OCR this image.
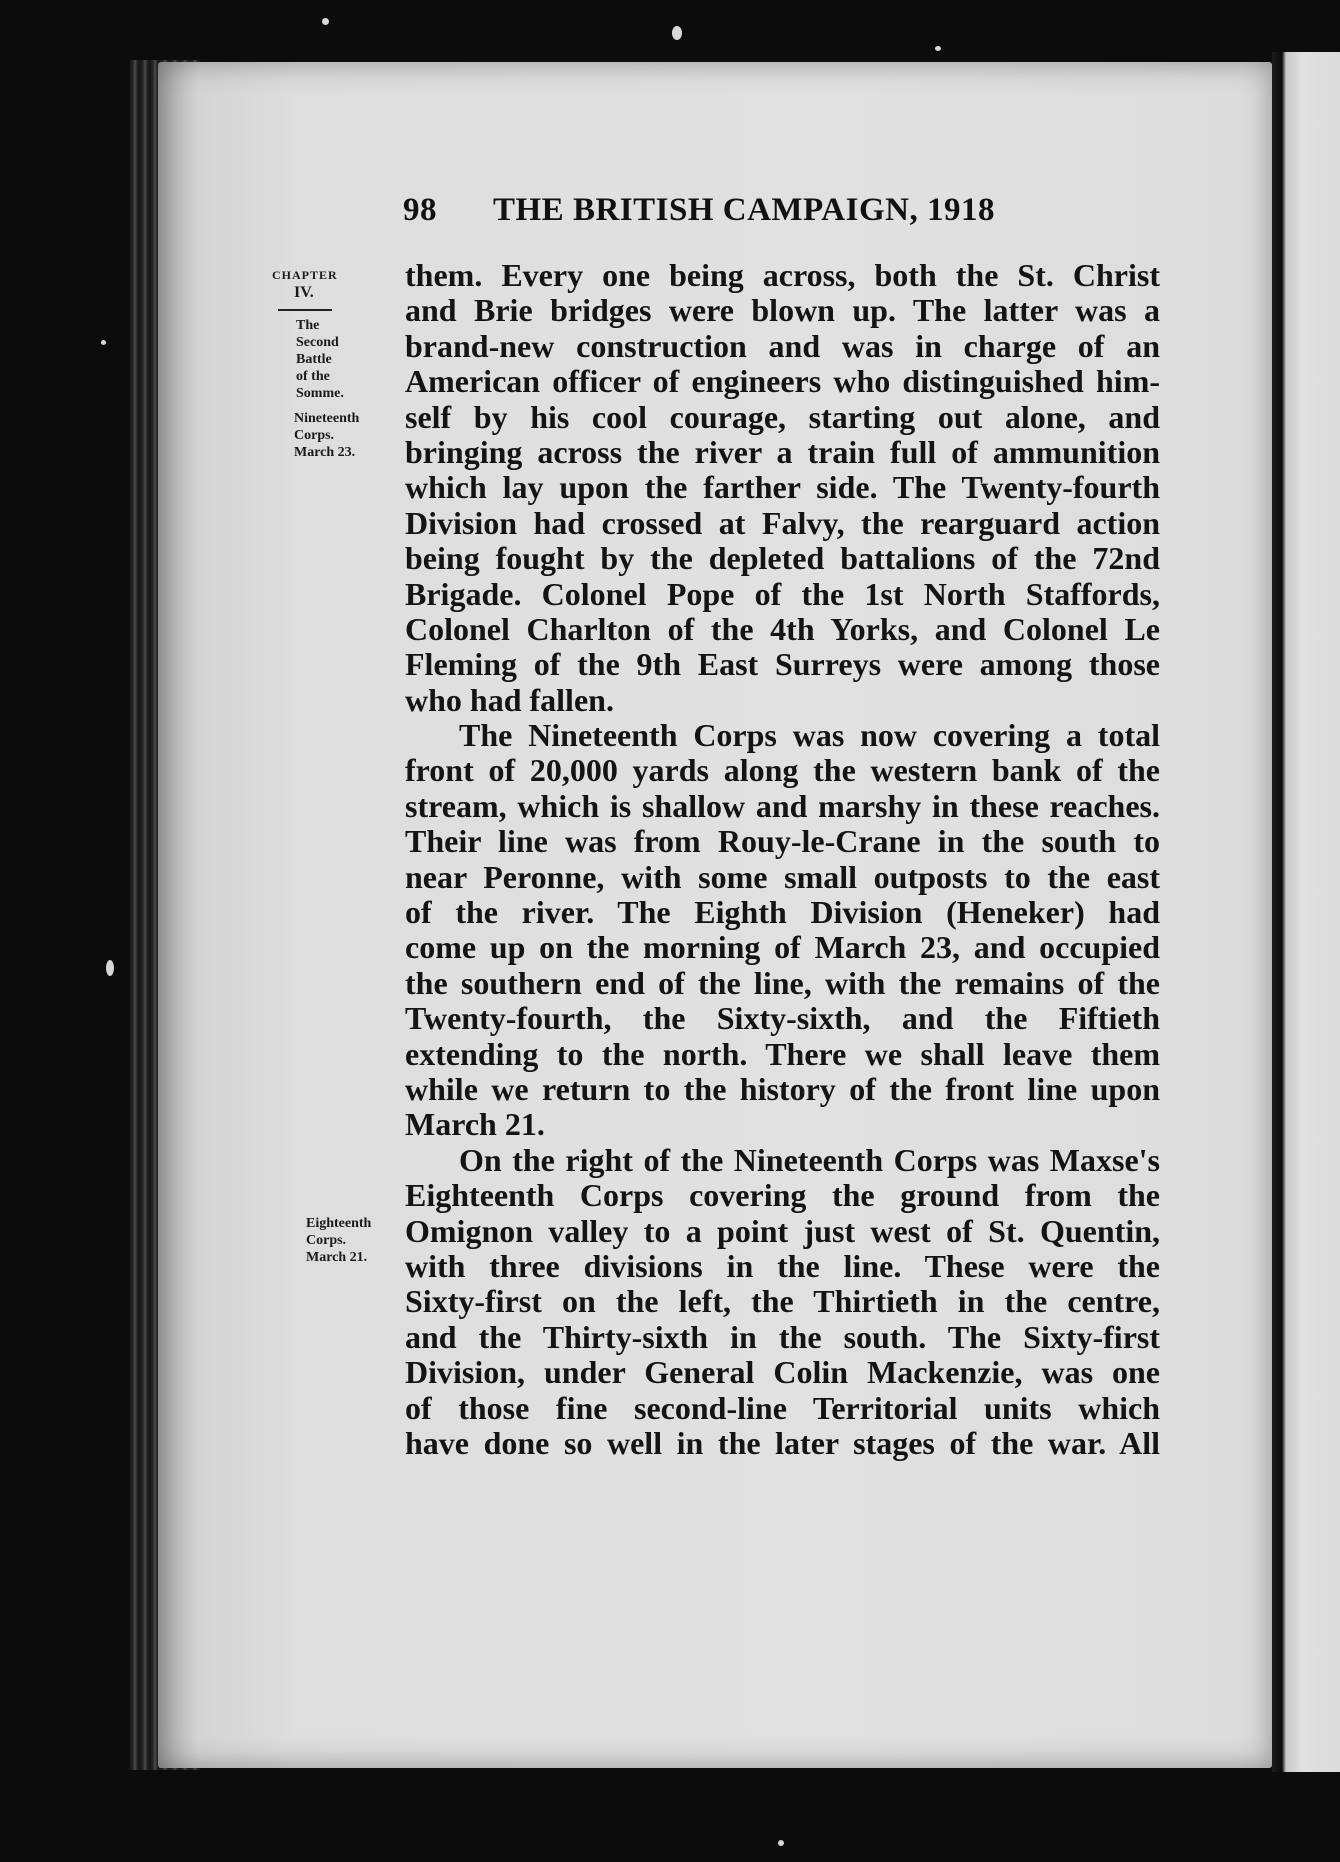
98 THE BRITISH CAMPAIGN, 1918
CHAPTER
IV.
The
Second
Battle
of the
Somme.
Nineteenth
Corps.
March 23.
Eighteenth
Corps.
March 21.
them. Every one being across, both the St. Christ
and Brie bridges were blown up. The latter was a
brand-new construction and was in charge of an
American officer of engineers who distinguished him-
self by his cool courage, starting out alone, and
bringing across the river a train full of ammunition
which lay upon the farther side. The Twenty-fourth
Division had crossed at Falvy, the rearguard action
being fought by the depleted battalions of the 72nd
Brigade. Colonel Pope of the 1st North Staffords,
Colonel Charlton of the 4th Yorks, and Colonel Le
Fleming of the 9th East Surreys were among those
who had fallen.
The Nineteenth Corps was now covering a total
front of 20,000 yards along the western bank of the
stream, which is shallow and marshy in these reaches.
Their line was from Rouy-le-Crane in the south to
near Peronne, with some small outposts to the east
of the river. The Eighth Division (Heneker) had
come up on the morning of March 23, and occupied
the southern end of the line, with the remains of the
Twenty-fourth, the Sixty-sixth, and the Fiftieth
extending to the north. There we shall leave them
while we return to the history of the front line upon
March 21.
On the right of the Nineteenth Corps was Maxse's
Eighteenth Corps covering the ground from the
Omignon valley to a point just west of St. Quentin,
with three divisions in the line. These were the
Sixty-first on the left, the Thirtieth in the centre,
and the Thirty-sixth in the south. The Sixty-first
Division, under General Colin Mackenzie, was one
of those fine second-line Territorial units which
have done so well in the later stages of the war. All
